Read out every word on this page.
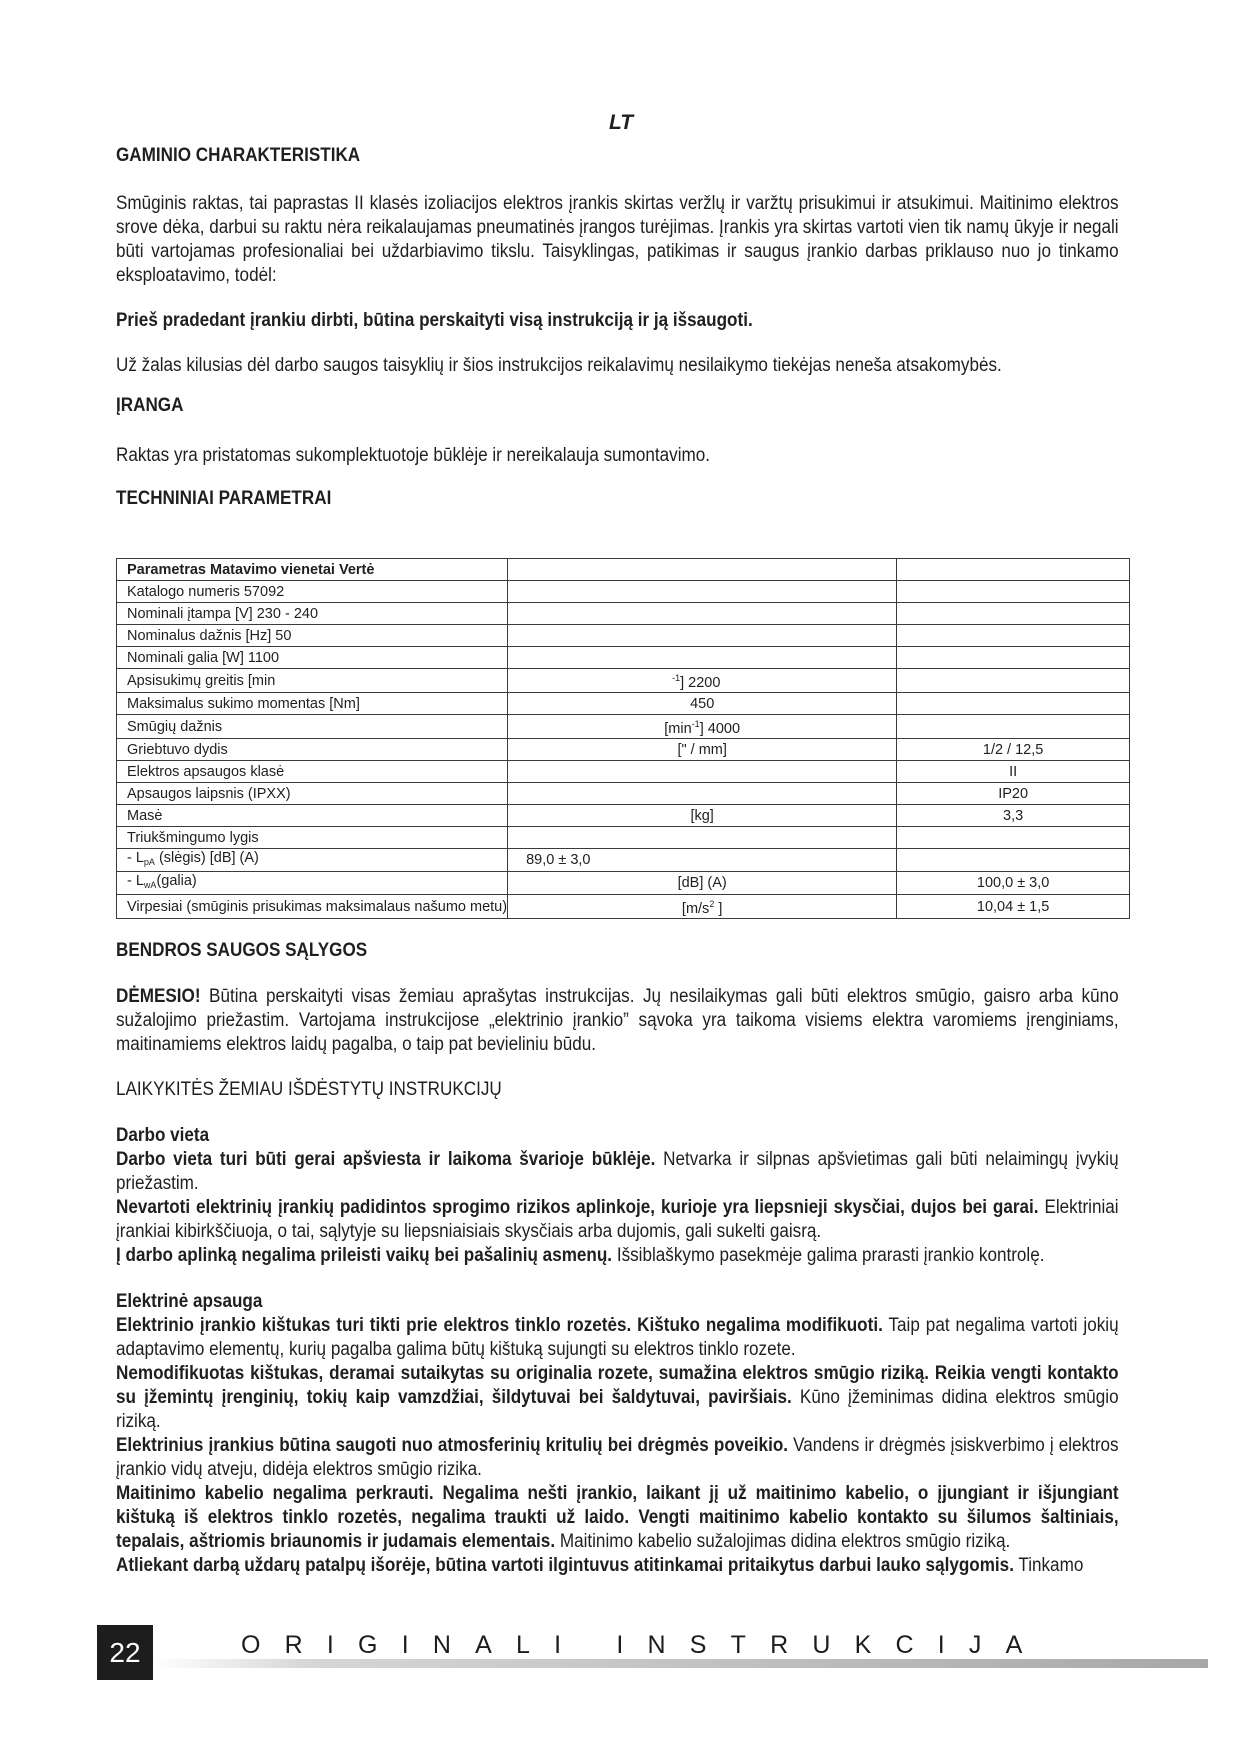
LT
GAMINIO CHARAKTERISTIKA

Smūginis raktas, tai paprastas II klasės izoliacijos elektros įrankis skirtas veržlų ir varžtų prisukimui ir atsukimui. Maitinimo elektros srove dėka, darbui su raktu nėra reikalaujamas pneumatinės įrangos turėjimas. Įrankis yra skirtas vartoti vien tik namų ūkyje ir negali būti vartojamas profesionaliai bei uždarbiavimo tikslu. Taisyklingas, patikimas ir saugus įrankio darbas priklauso nuo jo tinkamo eksploatavimo, todėl:

Prieš pradedant įrankiu dirbti, būtina perskaityti visą instrukciją ir ją išsaugoti.

Už žalas kilusias dėl darbo saugos taisyklių ir šios instrukcijos reikalavimų nesilaikymo tiekėjas neneša atsakomybės.

ĮRANGA

Raktas yra pristatomas sukomplektuotoje būklėje ir nereikalauja sumontavimo.

TECHNINIAI PARAMETRAI
Parametras Matavimo vienetai Vertė		
Katalogo numeris 57092		
Nominali įtampa [V] 230 - 240		
Nominalus dažnis [Hz] 50		
Nominali galia [W] 1100		
Apsisukimų greitis [min	$^{-1}$] 2200	
Maksimalus sukimo momentas [Nm]	450	
Smūgių dažnis	$[\min^{-1}]$ 4000	
Griebtuvo dydis	[" / mm]	1/2 / 12,5
Elektros apsaugos klasė		II
Apsaugos laipsnis (IPXX)		IP20
Masė	[kg]	3,3
Triukšmingumo lygis		
- $L_{pA}$ (slėgis) [dB] (A)	89,0 ± 3,0	
- $L_{wA}(galia)$	[dB] (A)	100,0 ± 3,0
Virpesiai (smūginis prisukimas maksimalaus našumo metu)	[$m/s^2$ ]	10,04 ± 1,5
BENDROS SAUGOS SĄLYGOS

DĖMESIO! Būtina perskaityti visas žemiau aprašytas instrukcijas. Jų nesilaikymas gali būti elektros smūgio, gaisro arba kūno sužalojimo priežastim. Vartojama instrukcijose „elektrinio įrankio” sąvoka yra taikoma visiems elektra varomiems įrenginiams, maitinamiems elektros laidų pagalba, o taip pat bevieliniu būdu.

LAIKYKITĖS ŽEMIAU IŠDĖSTYTŲ INSTRUKCIJŲ

Darbo vieta

Darbo vieta turi būti gerai apšviesta ir laikoma švarioje būklėje. Netvarka ir silpnas apšvietimas gali būti nelaimingų įvykių priežastim.

Nevartoti elektrinių įrankių padidintos sprogimo rizikos aplinkoje, kurioje yra liepsnieji skysčiai, dujos bei garai. Elektriniai įrankiai kibirkščiuoja, o tai, sąlytyje su liepsniaisiais skysčiais arba dujomis, gali sukelti gaisrą.

Į darbo aplinką negalima prileisti vaikų bei pašalinių asmenų. Išsiblaškymo pasekmėje galima prarasti įrankio kontrolę.

Elektrinė apsauga

Elektrinio įrankio kištukas turi tikti prie elektros tinklo rozetės. Kištuko negalima modifikuoti. Taip pat negalima vartoti jokių adaptavimo elementų, kurių pagalba galima būtų kištuką sujungti su elektros tinklo rozete.

Nemodifikuotas kištukas, deramai sutaikytas su originalia rozete, sumažina elektros smūgio riziką. Reikia vengti kontakto su įžemintų įrenginių, tokių kaip vamzdžiai, šildytuvai bei šaldytuvai, paviršiais. Kūno įžeminimas didina elektros smūgio riziką.

Elektrinius įrankius būtina saugoti nuo atmosferinių kritulių bei drėgmės poveikio. Vandens ir drėgmės įsiskverbimo į elektros įrankio vidų atveju, didėja elektros smūgio rizika.

Maitinimo kabelio negalima perkrauti. Negalima nešti įrankio, laikant jį už maitinimo kabelio, o įjungiant ir išjungiant kištuką iš elektros tinklo rozetės, negalima traukti už laido. Vengti maitinimo kabelio kontakto su šilumos šaltiniais, tepalais, aštriomis briaunomis ir judamais elementais. Maitinimo kabelio sužalojimas didina elektros smūgio riziką.

Atliekant darbą uždarų patalpų išorėje, būtina vartoti ilgintuvus atitinkamai pritaikytus darbui lauko sąlygomis. Tinkamo

22	ORIGINALI INSTRUKCIJA
